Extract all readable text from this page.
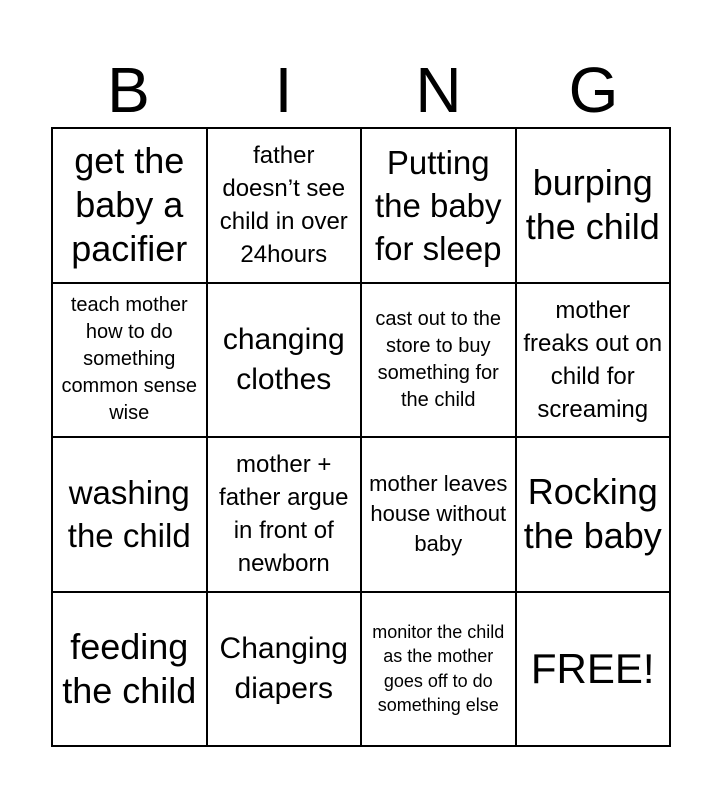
B	I	N	G
get the baby a pacifier
father doesn’t see child in over 24hours
Putting the baby for sleep
burping the child
teach mother how to do something common sense wise
changing clothes
cast out to the store to buy something for the child
mother freaks out on child for screaming
washing the child
mother + father argue in front of newborn
mother leaves house without baby
Rocking the baby
feeding the child
Changing diapers
monitor the child as the mother goes off to do something else
FREE!
